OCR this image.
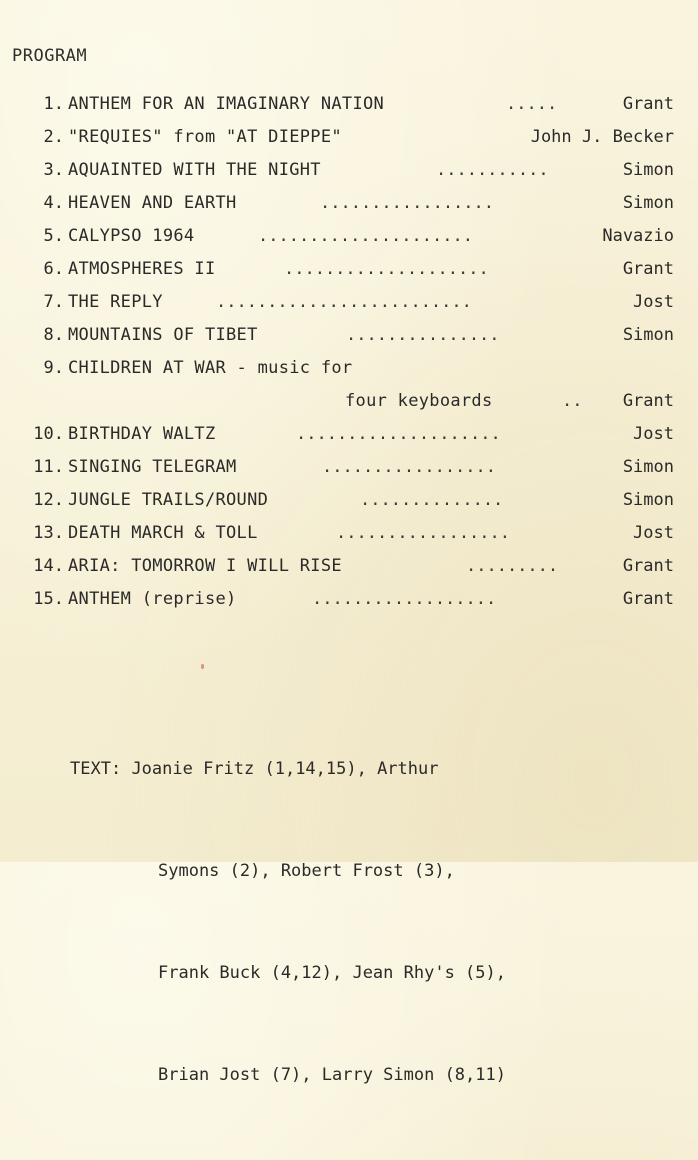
PROGRAM
1. ANTHEM FOR AN IMAGINARY NATION	.....	Grant
2. "REQUIES" from "AT DIEPPE"	John J. Becker
3. AQUAINTED WITH THE NIGHT	...........	Simon
4. HEAVEN AND EARTH	.................	Simon
5. CALYPSO 1964	.....................	Navazio
6. ATMOSPHERES II	....................	Grant
7. THE REPLY	.........................	Jost
8. MOUNTAINS OF TIBET	...............	Simon
9. CHILDREN AT WAR - music for
four keyboards	.. Grant
10. BIRTHDAY WALTZ	....................	Jost
11. SINGING TELEGRAM	.................	Simon
12. JUNGLE TRAILS/ROUND	..............	Simon
13. DEATH MARCH & TOLL	.................	Jost
14. ARIA: TOMORROW I WILL RISE	.........	Grant
15. ANTHEM (reprise)	..................	Grant

TEXT: Joanie Fritz (1,14,15), Arthur

Symons (2), Robert Frost (3),

Frank Buck (4,12), Jean Rhy's (5),

Brian Jost (7), Larry Simon (8,11)
